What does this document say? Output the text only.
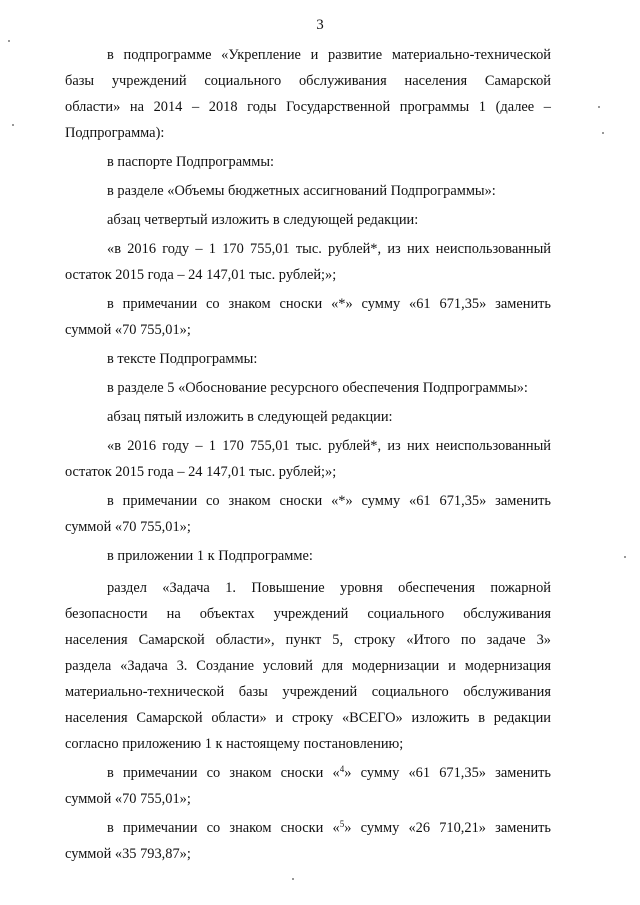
3
в подпрограмме «Укрепление и развитие материально-технической
базы учреждений социального обслуживания населения Самарской
области» на 2014 – 2018 годы Государственной программы 1 (далее –
Подпрограмма):
в паспорте Подпрограммы:
в разделе «Объемы бюджетных ассигнований Подпрограммы»:
абзац четвертый изложить в следующей редакции:
«в 2016 году – 1 170 755,01 тыс. рублей*, из них неиспользованный
остаток 2015 года – 24 147,01 тыс. рублей;»;
в примечании со знаком сноски «*» сумму «61 671,35» заменить
суммой «70 755,01»;
в тексте Подпрограммы:
в разделе 5 «Обоснование ресурсного обеспечения Подпрограммы»:
абзац пятый изложить в следующей редакции:
«в 2016 году – 1 170 755,01 тыс. рублей*, из них неиспользованный
остаток 2015 года – 24 147,01 тыс. рублей;»;
в примечании со знаком сноски «*» сумму «61 671,35» заменить
суммой «70 755,01»;
в приложении 1 к Подпрограмме:
раздел «Задача 1. Повышение уровня обеспечения пожарной
безопасности на объектах учреждений социального обслуживания
населения Самарской области», пункт 5, строку «Итого по задаче 3»
раздела «Задача 3. Создание условий для модернизации и модернизация
материально-технической базы учреждений социального обслуживания
населения Самарской области» и строку «ВСЕГО» изложить в редакции
согласно приложению 1 к настоящему постановлению;
в примечании со знаком сноски «$^4$» сумму «61 671,35» заменить
суммой «70 755,01»;
в примечании со знаком сноски «$^5$» сумму «26 710,21» заменить
суммой «35 793,87»;
